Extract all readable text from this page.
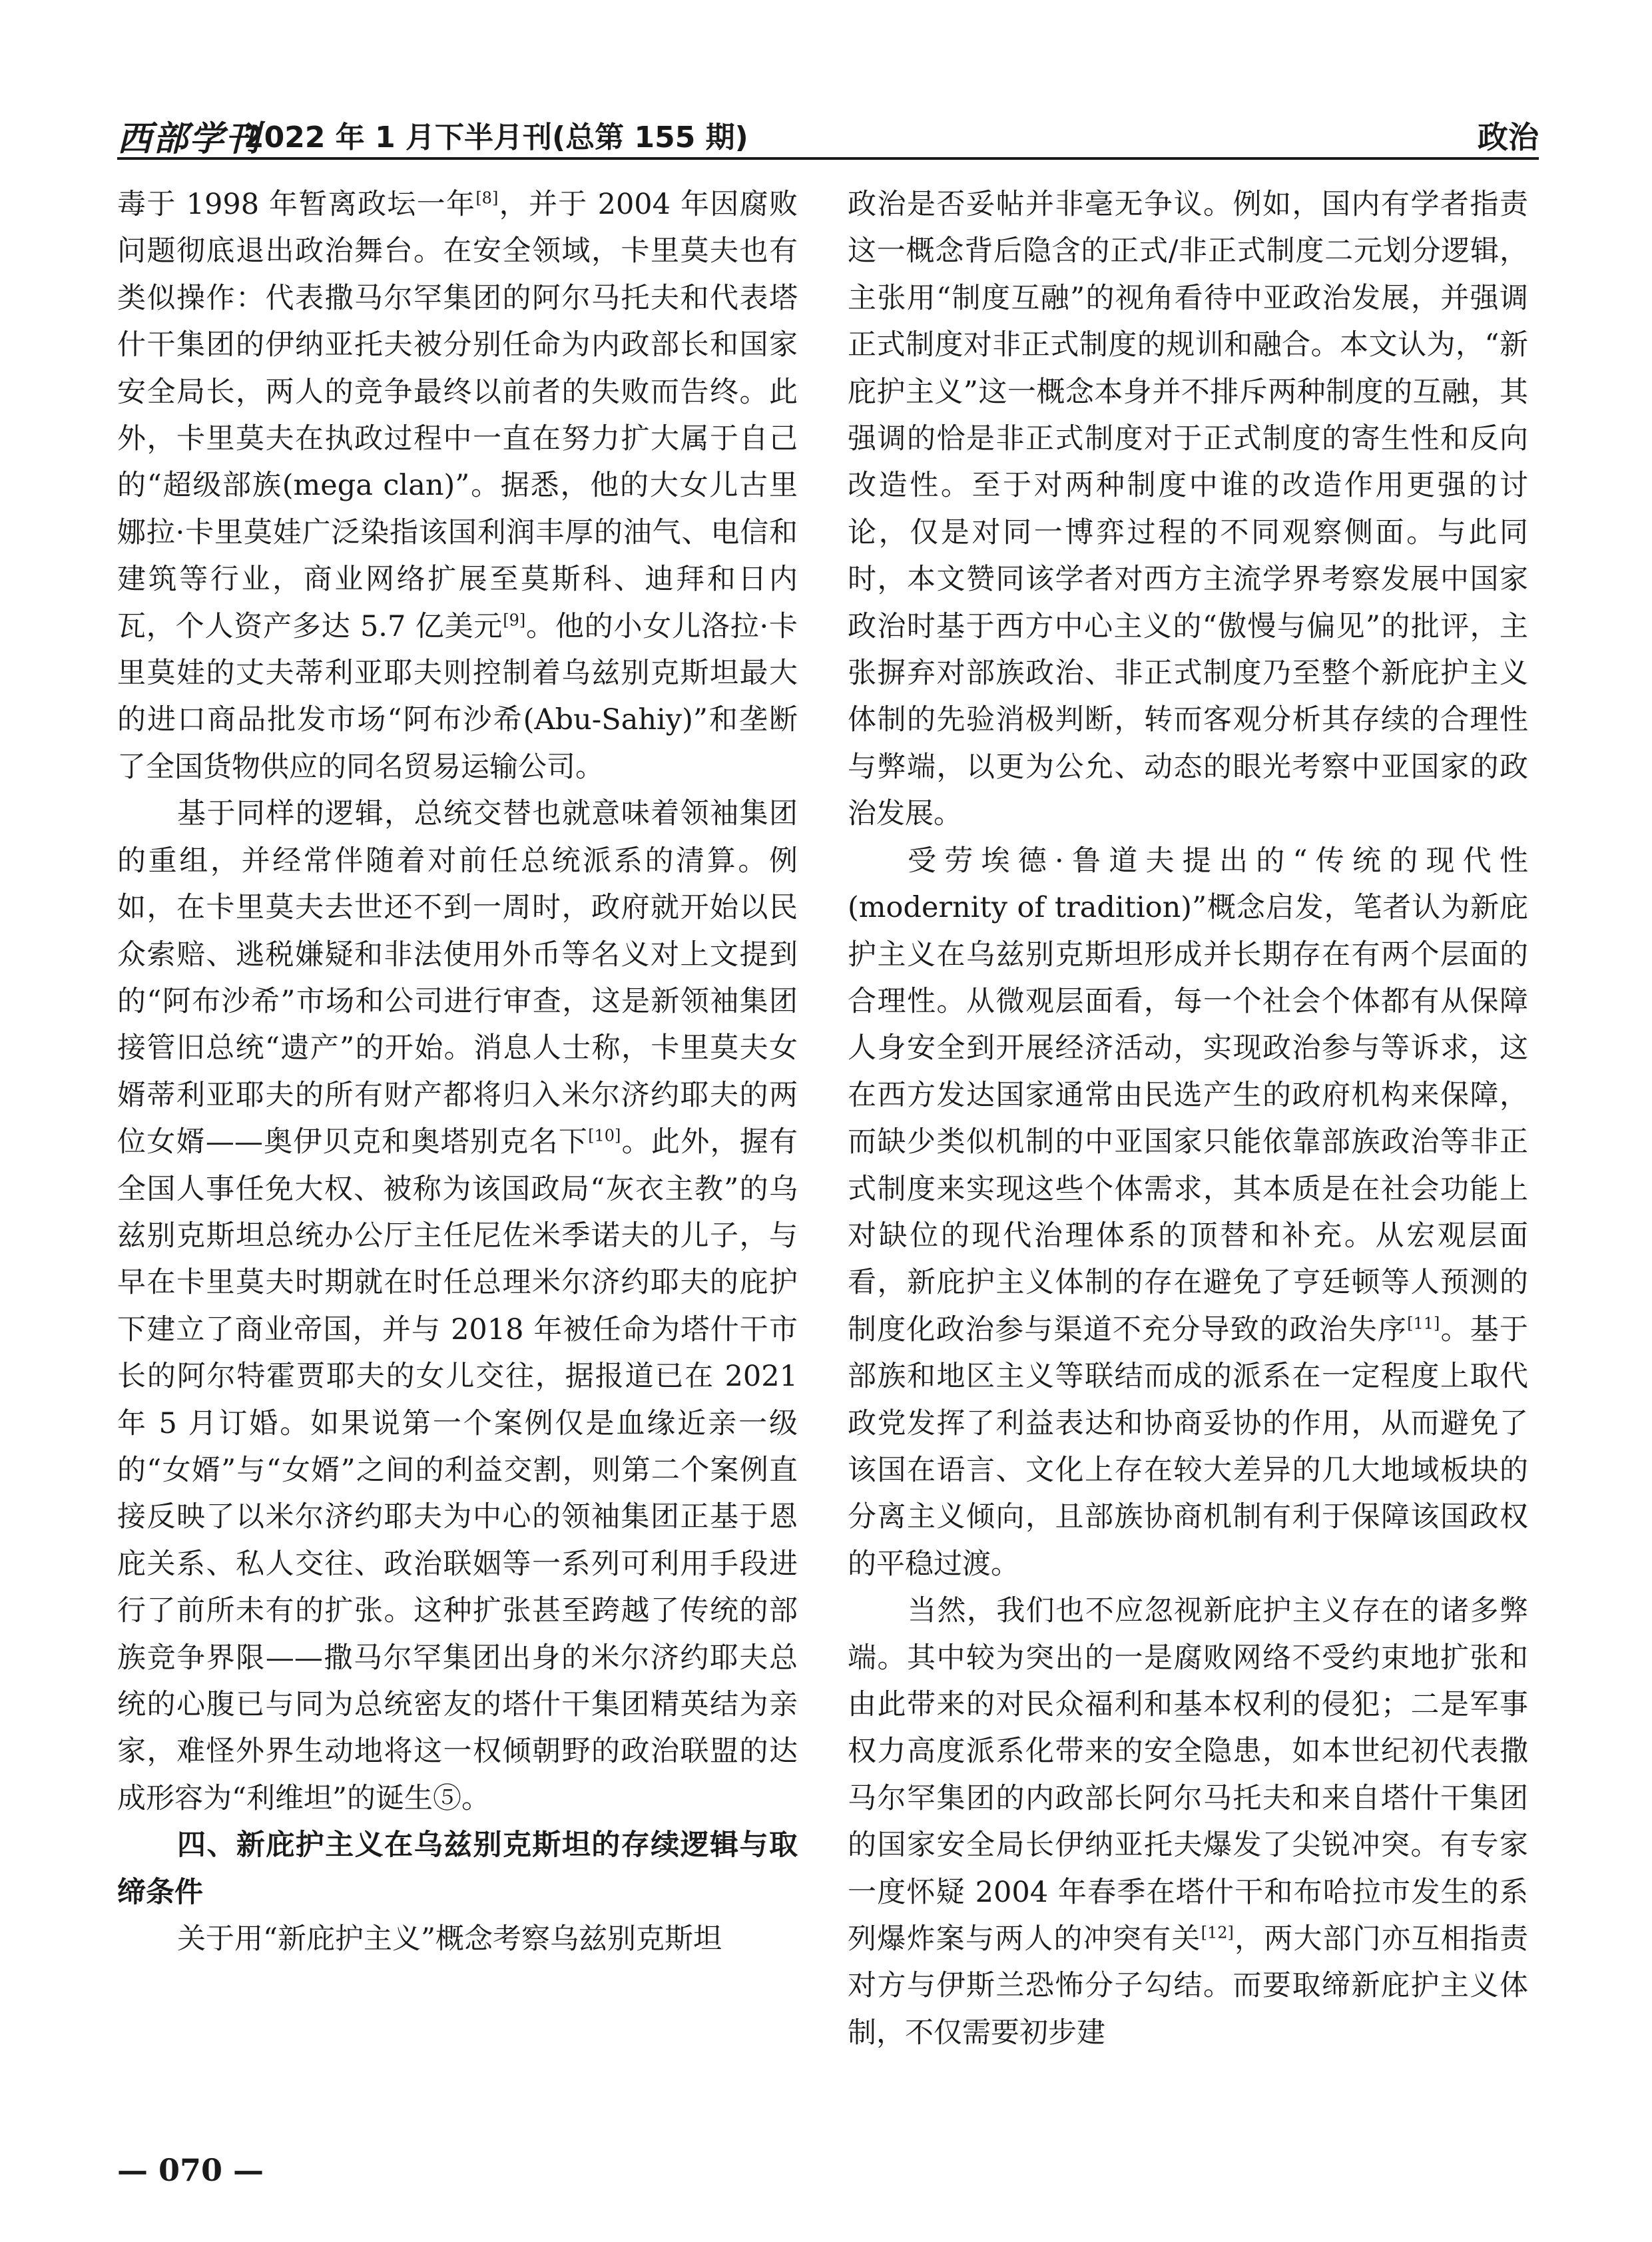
西部学刊
2022 年 1 月下半月刊(总第 155 期)	政治

毒于 1998 年暂离政坛一年[8]，并于 2004 年因腐败问题彻底退出政治舞台。在安全领域，卡里莫夫也有类似操作：代表撒马尔罕集团的阿尔马托夫和代表塔什干集团的伊纳亚托夫被分别任命为内政部长和国家安全局长，两人的竞争最终以前者的失败而告终。此外，卡里莫夫在执政过程中一直在努力扩大属于自己的“超级部族(mega clan)”。据悉，他的大女儿古里娜拉·卡里莫娃广泛染指该国利润丰厚的油气、电信和建筑等行业，商业网络扩展至莫斯科、迪拜和日内瓦，个人资产多达 5.7 亿美元[9]。他的小女儿洛拉·卡里莫娃的丈夫蒂利亚耶夫则控制着乌兹别克斯坦最大的进口商品批发市场“阿布沙希(Abu-Sahiy)”和垄断了全国货物供应的同名贸易运输公司。

基于同样的逻辑，总统交替也就意味着领袖集团的重组，并经常伴随着对前任总统派系的清算。例如，在卡里莫夫去世还不到一周时，政府就开始以民众索赔、逃税嫌疑和非法使用外币等名义对上文提到的“阿布沙希”市场和公司进行审查，这是新领袖集团接管旧总统“遗产”的开始。消息人士称，卡里莫夫女婿蒂利亚耶夫的所有财产都将归入米尔济约耶夫的两位女婿——奥伊贝克和奥塔别克名下[10]。此外，握有全国人事任免大权、被称为该国政局“灰衣主教”的乌兹别克斯坦总统办公厅主任尼佐米季诺夫的儿子，与早在卡里莫夫时期就在时任总理米尔济约耶夫的庇护下建立了商业帝国，并与 2018 年被任命为塔什干市长的阿尔特霍贾耶夫的女儿交往，据报道已在 2021 年 5 月订婚。如果说第一个案例仅是血缘近亲一级的“女婿”与“女婿”之间的利益交割，则第二个案例直接反映了以米尔济约耶夫为中心的领袖集团正基于恩庇关系、私人交往、政治联姻等一系列可利用手段进行了前所未有的扩张。这种扩张甚至跨越了传统的部族竞争界限——撒马尔罕集团出身的米尔济约耶夫总统的心腹已与同为总统密友的塔什干集团精英结为亲家，难怪外界生动地将这一权倾朝野的政治联盟的达成形容为“利维坦”的诞生⑤。

四、新庇护主义在乌兹别克斯坦的存续逻辑与取缔条件

关于用“新庇护主义”概念考察乌兹别克斯坦

政治是否妥帖并非毫无争议。例如，国内有学者指责这一概念背后隐含的正式/非正式制度二元划分逻辑，主张用“制度互融”的视角看待中亚政治发展，并强调正式制度对非正式制度的规训和融合。本文认为，“新庇护主义”这一概念本身并不排斥两种制度的互融，其强调的恰是非正式制度对于正式制度的寄生性和反向改造性。至于对两种制度中谁的改造作用更强的讨论，仅是对同一博弈过程的不同观察侧面。与此同时，本文赞同该学者对西方主流学界考察发展中国家政治时基于西方中心主义的“傲慢与偏见”的批评，主张摒弃对部族政治、非正式制度乃至整个新庇护主义体制的先验消极判断，转而客观分析其存续的合理性与弊端，以更为公允、动态的眼光考察中亚国家的政治发展。

受劳埃德·鲁道夫提出的“传统的现代性(modernity of tradition)”概念启发，笔者认为新庇护主义在乌兹别克斯坦形成并长期存在有两个层面的合理性。从微观层面看，每一个社会个体都有从保障人身安全到开展经济活动，实现政治参与等诉求，这在西方发达国家通常由民选产生的政府机构来保障，而缺少类似机制的中亚国家只能依靠部族政治等非正式制度来实现这些个体需求，其本质是在社会功能上对缺位的现代治理体系的顶替和补充。从宏观层面看，新庇护主义体制的存在避免了亨廷顿等人预测的制度化政治参与渠道不充分导致的政治失序[11]。基于部族和地区主义等联结而成的派系在一定程度上取代政党发挥了利益表达和协商妥协的作用，从而避免了该国在语言、文化上存在较大差异的几大地域板块的分离主义倾向，且部族协商机制有利于保障该国政权的平稳过渡。

当然，我们也不应忽视新庇护主义存在的诸多弊端。其中较为突出的一是腐败网络不受约束地扩张和由此带来的对民众福利和基本权利的侵犯；二是军事权力高度派系化带来的安全隐患，如本世纪初代表撒马尔罕集团的内政部长阿尔马托夫和来自塔什干集团的国家安全局长伊纳亚托夫爆发了尖锐冲突。有专家一度怀疑 2004 年春季在塔什干和布哈拉市发生的系列爆炸案与两人的冲突有关[12]，两大部门亦互相指责对方与伊斯兰恐怖分子勾结。而要取缔新庇护主义体制，不仅需要初步建

— 070 —
